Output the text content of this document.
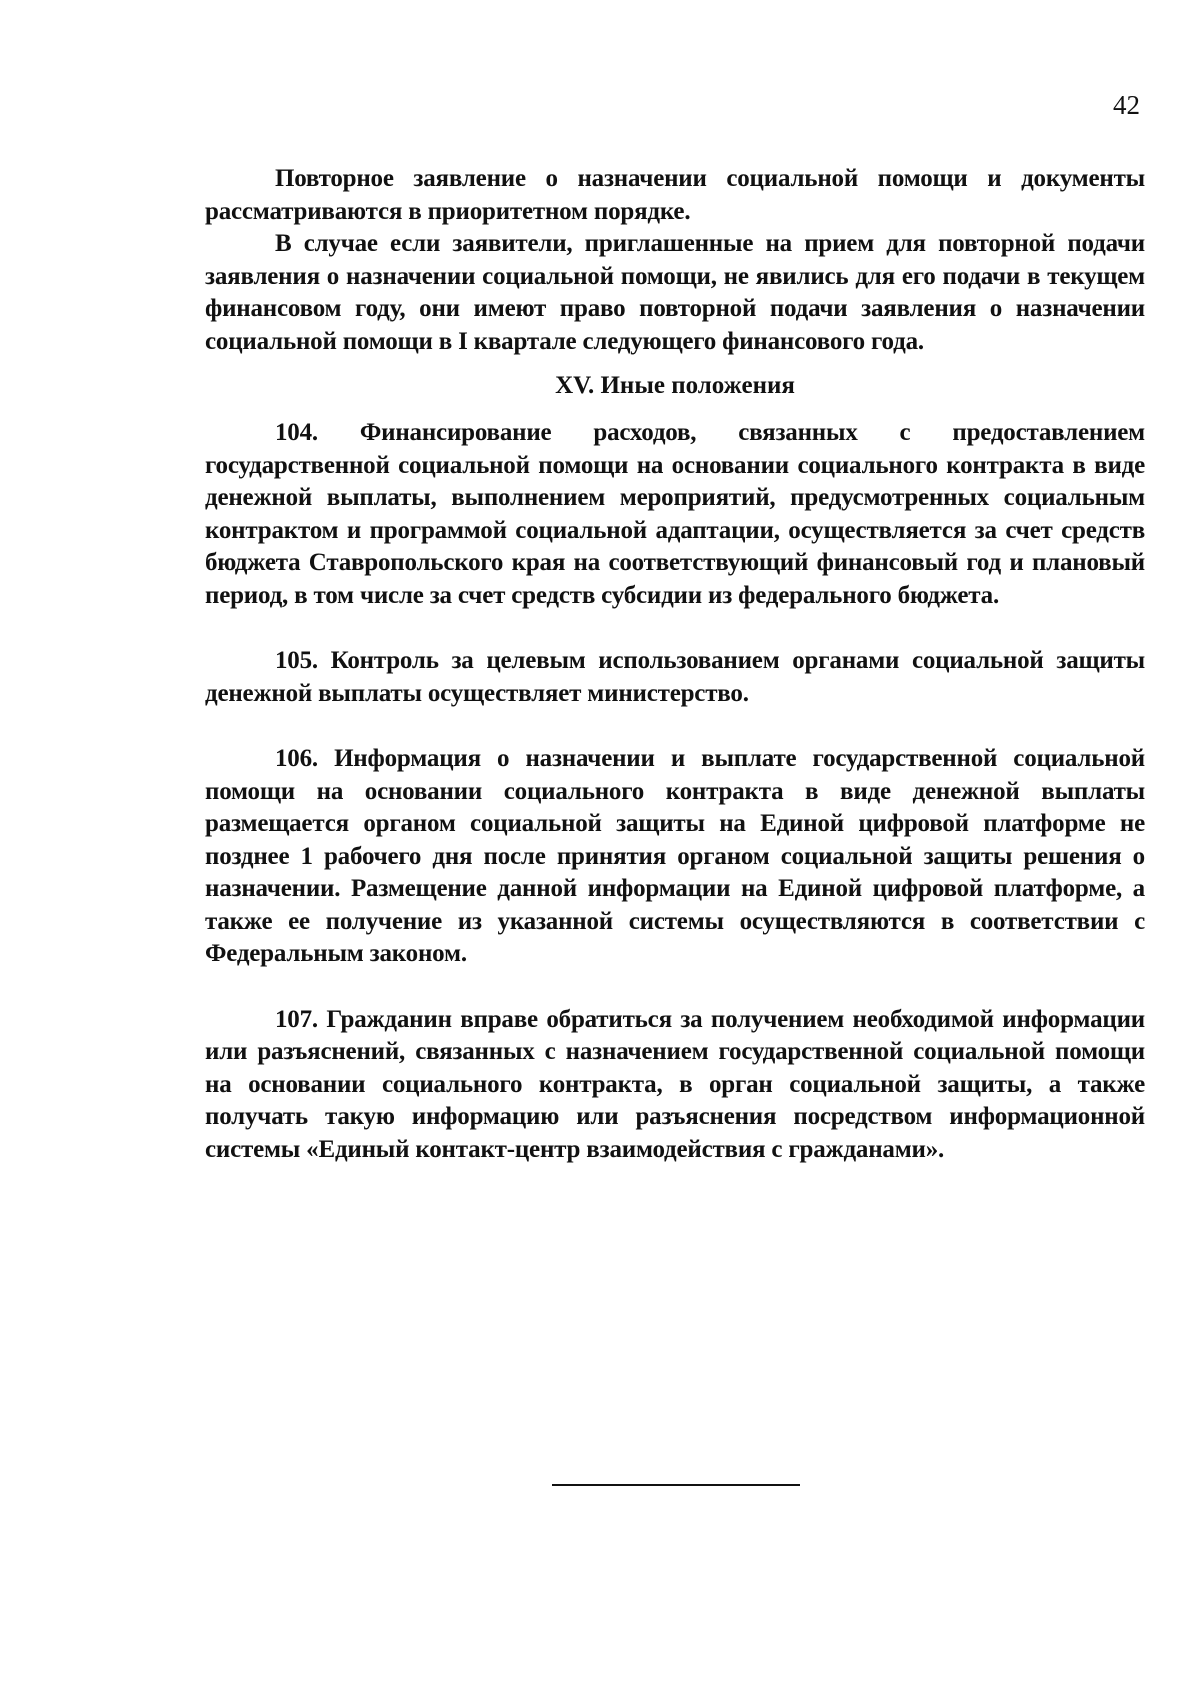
42

Повторное заявление о назначении социальной помощи и документы рассматриваются в приоритетном порядке.

В случае если заявители, приглашенные на прием для повторной подачи заявления о назначении социальной помощи, не явились для его подачи в текущем финансовом году, они имеют право повторной подачи заявления о назначении социальной помощи в I квартале следующего финансового года.

XV. Иные положения

104. Финансирование расходов, связанных с предоставлением государственной социальной помощи на основании социального контракта в виде денежной выплаты, выполнением мероприятий, предусмотренных социальным контрактом и программой социальной адаптации, осуществляется за счет средств бюджета Ставропольского края на соответствующий финансовый год и плановый период, в том числе за счет средств субсидии из федерального бюджета.

105. Контроль за целевым использованием органами социальной защиты денежной выплаты осуществляет министерство.

106. Информация о назначении и выплате государственной социальной помощи на основании социального контракта в виде денежной выплаты размещается органом социальной защиты на Единой цифровой платформе не позднее 1 рабочего дня после принятия органом социальной защиты решения о назначении. Размещение данной информации на Единой цифровой платформе, а также ее получение из указанной системы осуществляются в соответствии с Федеральным законом.

107. Гражданин вправе обратиться за получением необходимой информации или разъяснений, связанных с назначением государственной социальной помощи на основании социального контракта, в орган социальной защиты, а также получать такую информацию или разъяснения посредством информационной системы «Единый контакт-центр взаимодействия с гражданами».
